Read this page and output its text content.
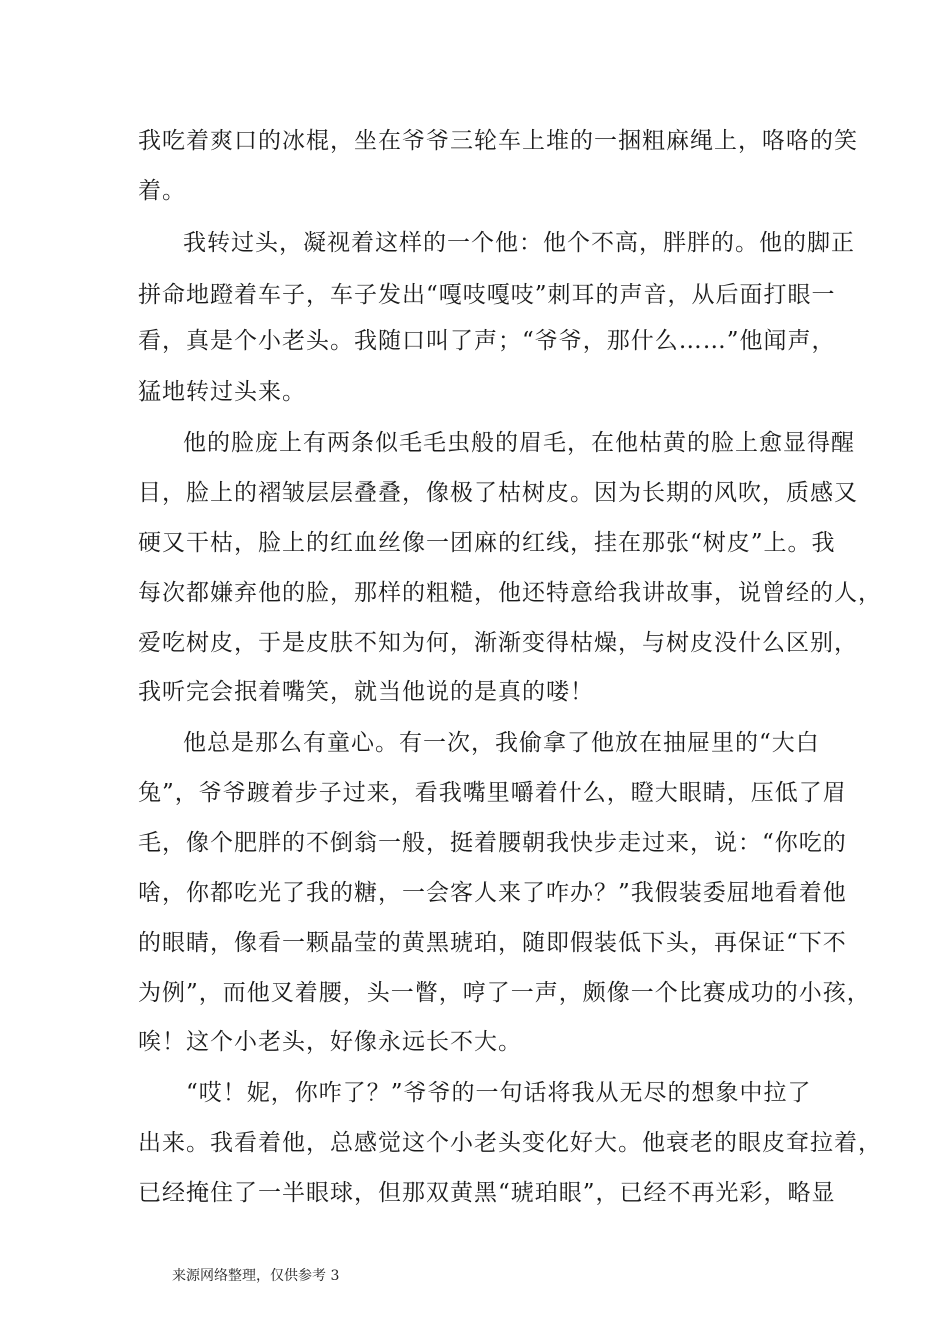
我吃着爽口的冰棍，坐在爷爷三轮车上堆的一捆粗麻绳上，咯咯的笑
着。
我转过头，凝视着这样的一个他：他个不高，胖胖的。他的脚正
拼命地蹬着车子，车子发出“嘎吱嘎吱”刺耳的声音，从后面打眼一
看，真是个小老头。我随口叫了声；“爷爷，那什么……”他闻声，
猛地转过头来。
他的脸庞上有两条似毛毛虫般的眉毛，在他枯黄的脸上愈显得醒
目，脸上的褶皱层层叠叠，像极了枯树皮。因为长期的风吹，质感又
硬又干枯，脸上的红血丝像一团麻的红线，挂在那张“树皮”上。我
每次都嫌弃他的脸，那样的粗糙，他还特意给我讲故事，说曾经的人，
爱吃树皮，于是皮肤不知为何，渐渐变得枯燥，与树皮没什么区别，
我听完会抿着嘴笑，就当他说的是真的喽！
他总是那么有童心。有一次，我偷拿了他放在抽屉里的“大白
兔”，爷爷踱着步子过来，看我嘴里嚼着什么，瞪大眼睛，压低了眉
毛，像个肥胖的不倒翁一般，挺着腰朝我快步走过来，说：“你吃的
啥，你都吃光了我的糖，一会客人来了咋办？”我假装委屈地看着他
的眼睛，像看一颗晶莹的黄黑琥珀，随即假装低下头，再保证“下不
为例”，而他叉着腰，头一瞥，哼了一声，颇像一个比赛成功的小孩，
唉！这个小老头，好像永远长不大。
“哎！妮，你咋了？”爷爷的一句话将我从无尽的想象中拉了
出来。我看着他，总感觉这个小老头变化好大。他衰老的眼皮耷拉着，
已经掩住了一半眼球，但那双黄黑“琥珀眼”，已经不再光彩，略显
来源网络整理，仅供参考 3
